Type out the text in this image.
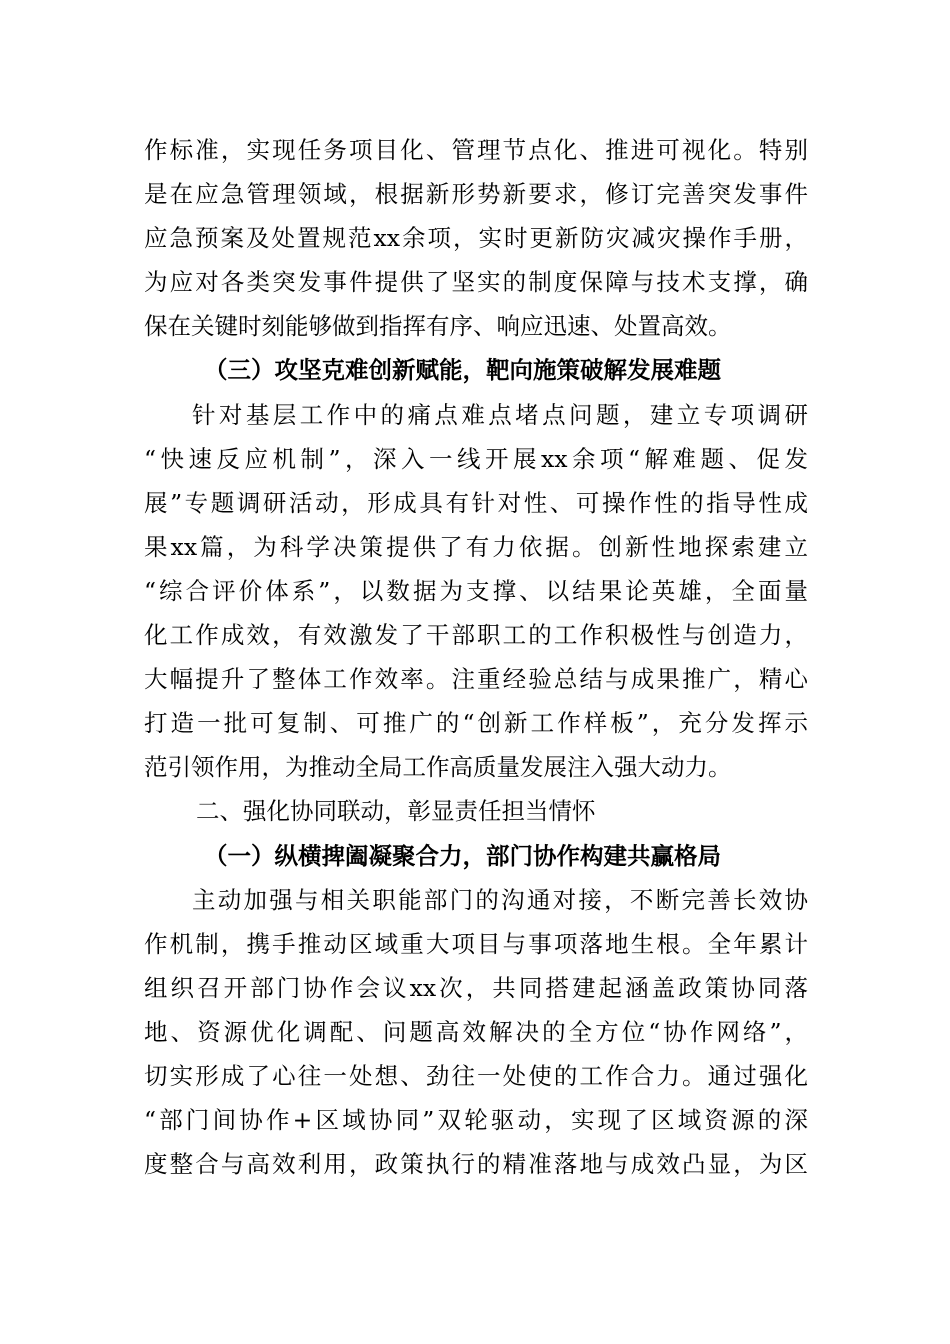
作标准，实现任务项目化、管理节点化、推进可视化。特别
是在应急管理领域，根据新形势新要求，修订完善突发事件
应急预案及处置规范xx余项，实时更新防灾减灾操作手册，
为应对各类突发事件提供了坚实的制度保障与技术支撑，确
保在关键时刻能够做到指挥有序、响应迅速、处置高效。
（三）攻坚克难创新赋能，靶向施策破解发展难题
针对基层工作中的痛点难点堵点问题，建立专项调研
“快速反应机制”，深入一线开展xx余项“解难题、促发
展”专题调研活动，形成具有针对性、可操作性的指导性成
果xx篇，为科学决策提供了有力依据。创新性地探索建立
“综合评价体系”，以数据为支撑、以结果论英雄，全面量
化工作成效，有效激发了干部职工的工作积极性与创造力，
大幅提升了整体工作效率。注重经验总结与成果推广，精心
打造一批可复制、可推广的“创新工作样板”，充分发挥示
范引领作用，为推动全局工作高质量发展注入强大动力。
二、强化协同联动，彰显责任担当情怀
（一）纵横捭阖凝聚合力，部门协作构建共赢格局
主动加强与相关职能部门的沟通对接，不断完善长效协
作机制，携手推动区域重大项目与事项落地生根。全年累计
组织召开部门协作会议xx次，共同搭建起涵盖政策协同落
地、资源优化调配、问题高效解决的全方位“协作网络”，
切实形成了心往一处想、劲往一处使的工作合力。通过强化
“部门间协作+区域协同”双轮驱动，实现了区域资源的深
度整合与高效利用，政策执行的精准落地与成效凸显，为区
